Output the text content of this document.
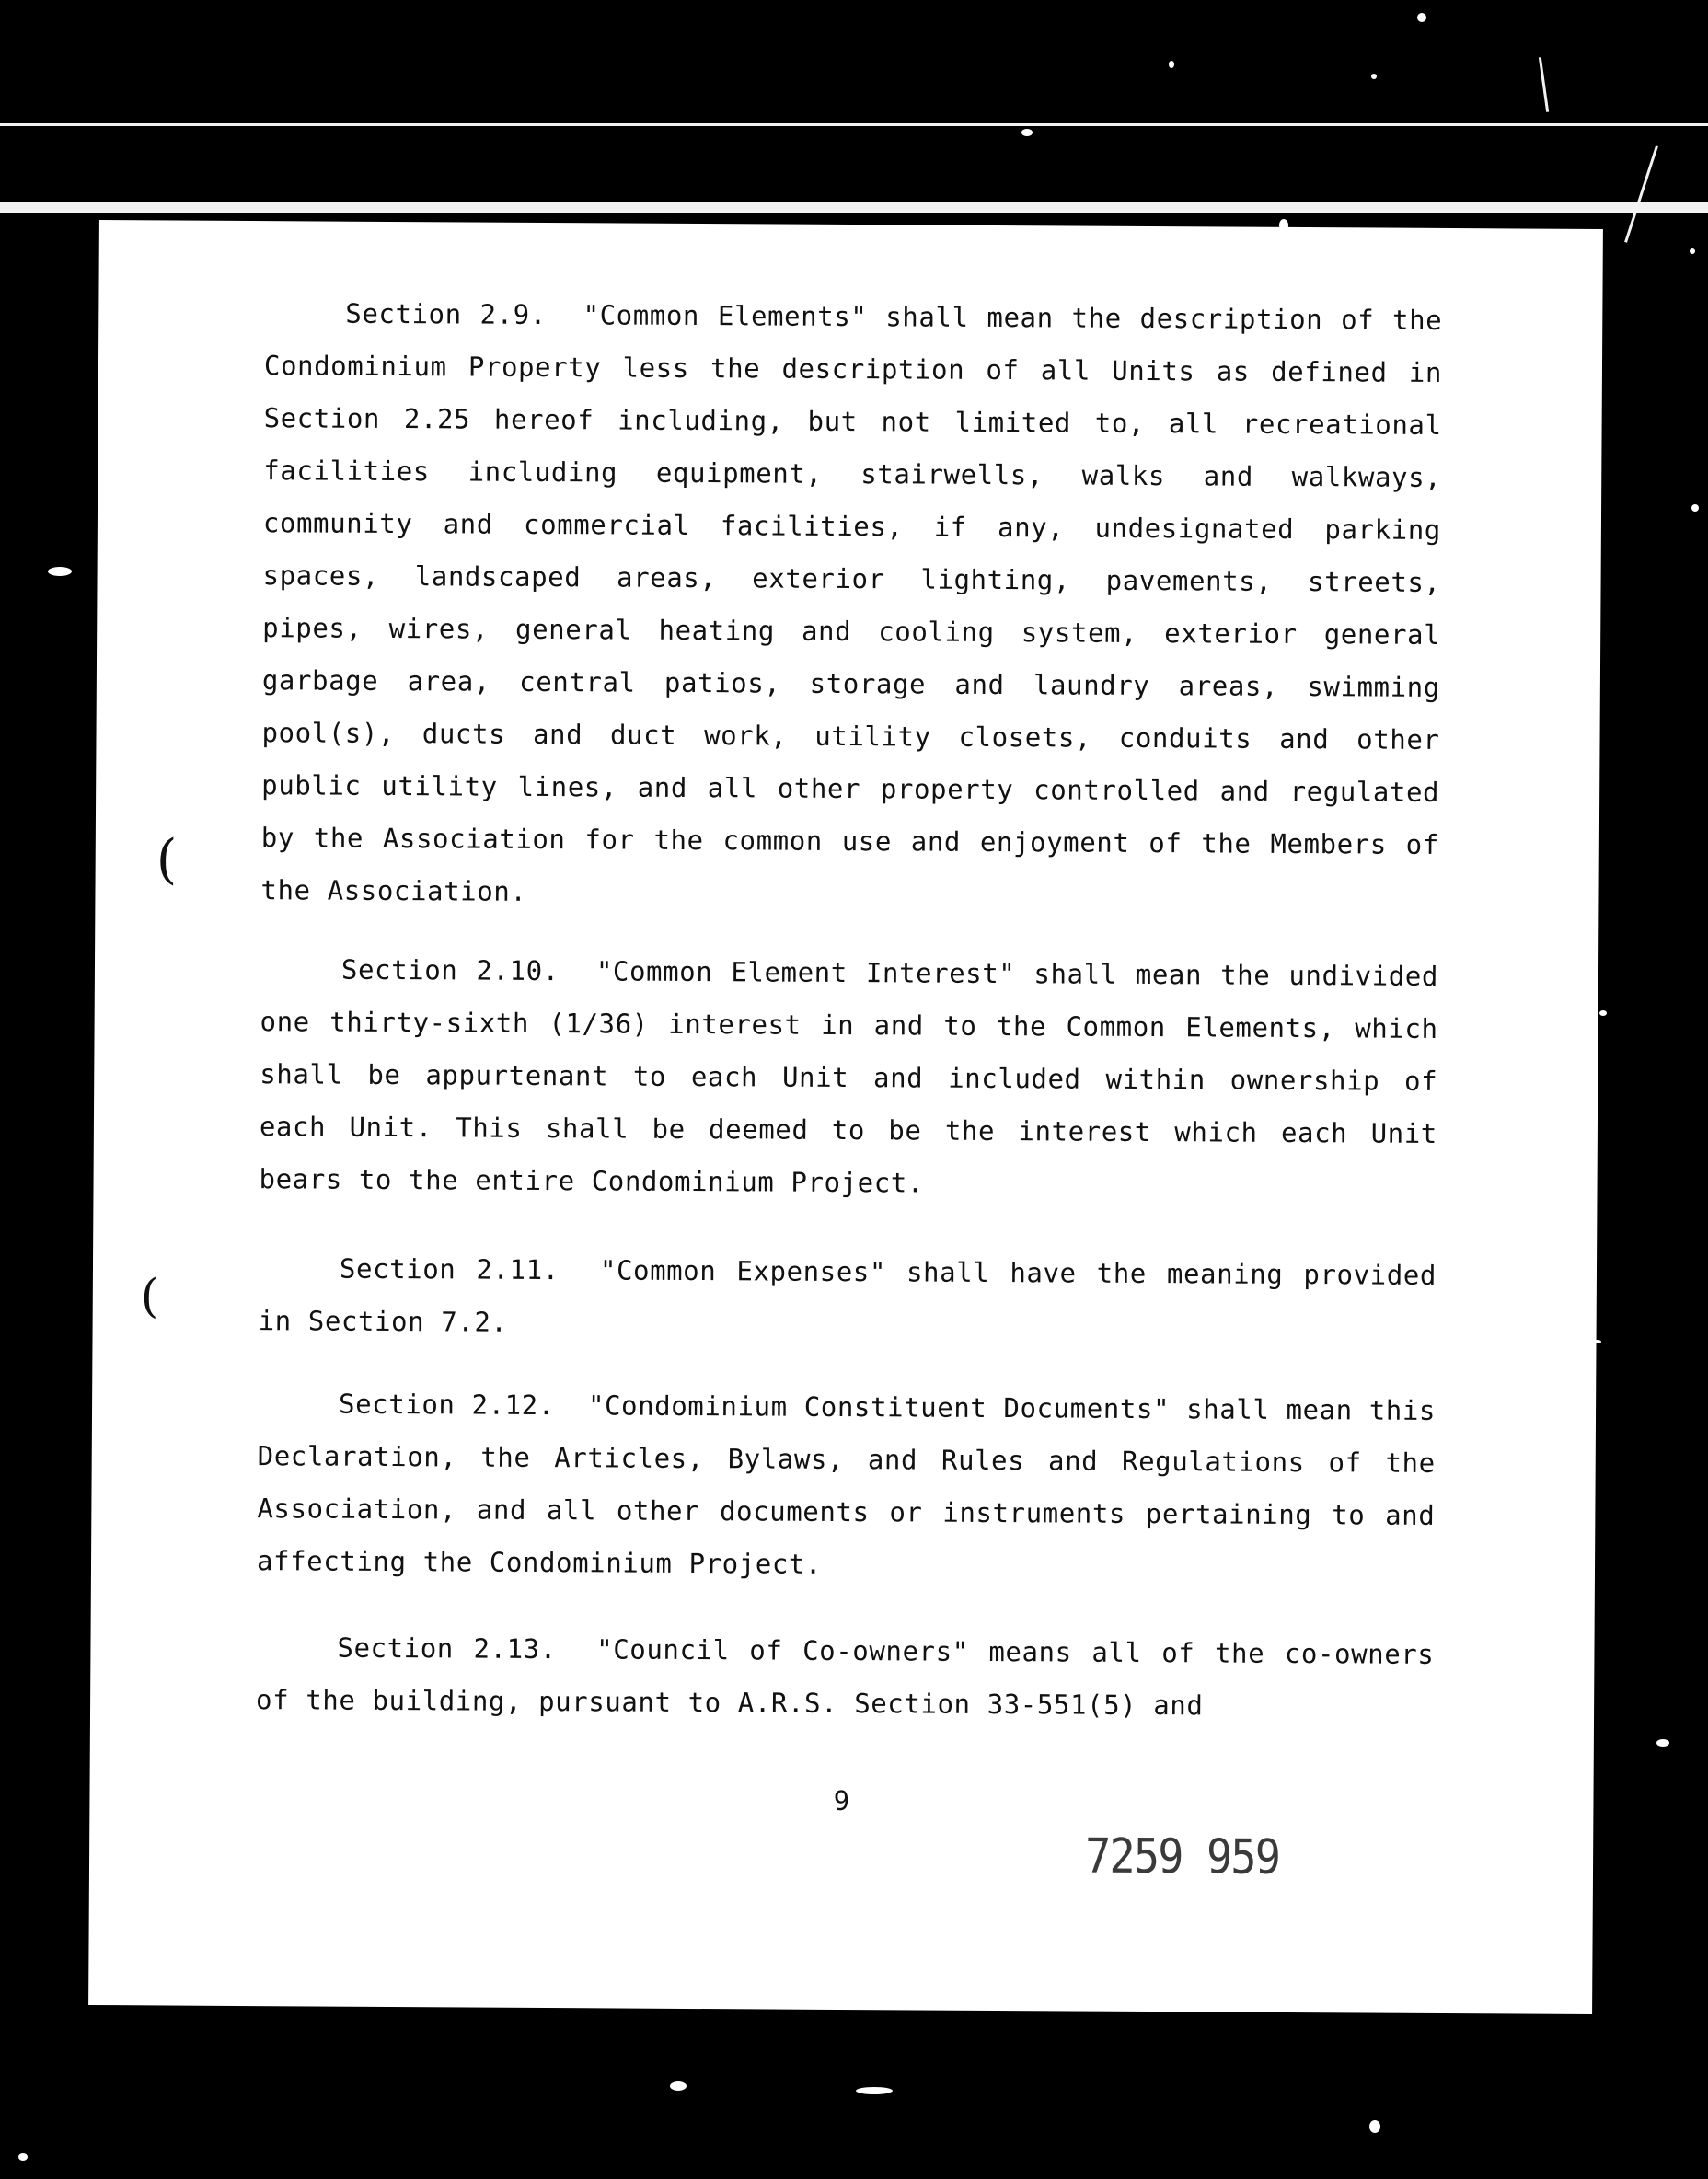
Section 2.9. "Common Elements" shall mean the description of the Condominium Property less the description of all Units as defined in Section 2.25 hereof including, but not limited to, all recreational facilities including equipment, stairwells, walks and walkways, community and commercial facilities, if any, undesignated parking spaces, landscaped areas, exterior lighting, pavements, streets, pipes, wires, general heating and cooling system, exterior general garbage area, central patios, storage and laundry areas, swimming pool(s), ducts and duct work, utility closets, conduits and other public utility lines, and all other property controlled and regulated by the Association for the common use and enjoyment of the Members of the Association.

Section 2.10. "Common Element Interest" shall mean the undivided one thirty-sixth (1/36) interest in and to the Common Elements, which shall be appurtenant to each Unit and included within ownership of each Unit. This shall be deemed to be the interest which each Unit bears to the entire Condominium Project.

Section 2.11. "Common Expenses" shall have the meaning provided in Section 7.2.

Section 2.12. "Condominium Constituent Documents" shall mean this Declaration, the Articles, Bylaws, and Rules and Regulations of the Association, and all other documents or instruments pertaining to and affecting the Condominium Project.

Section 2.13. "Council of Co-owners" means all of the co-owners of the building, pursuant to A.R.S. Section 33-551(5) and

(
(
9
7259 959
